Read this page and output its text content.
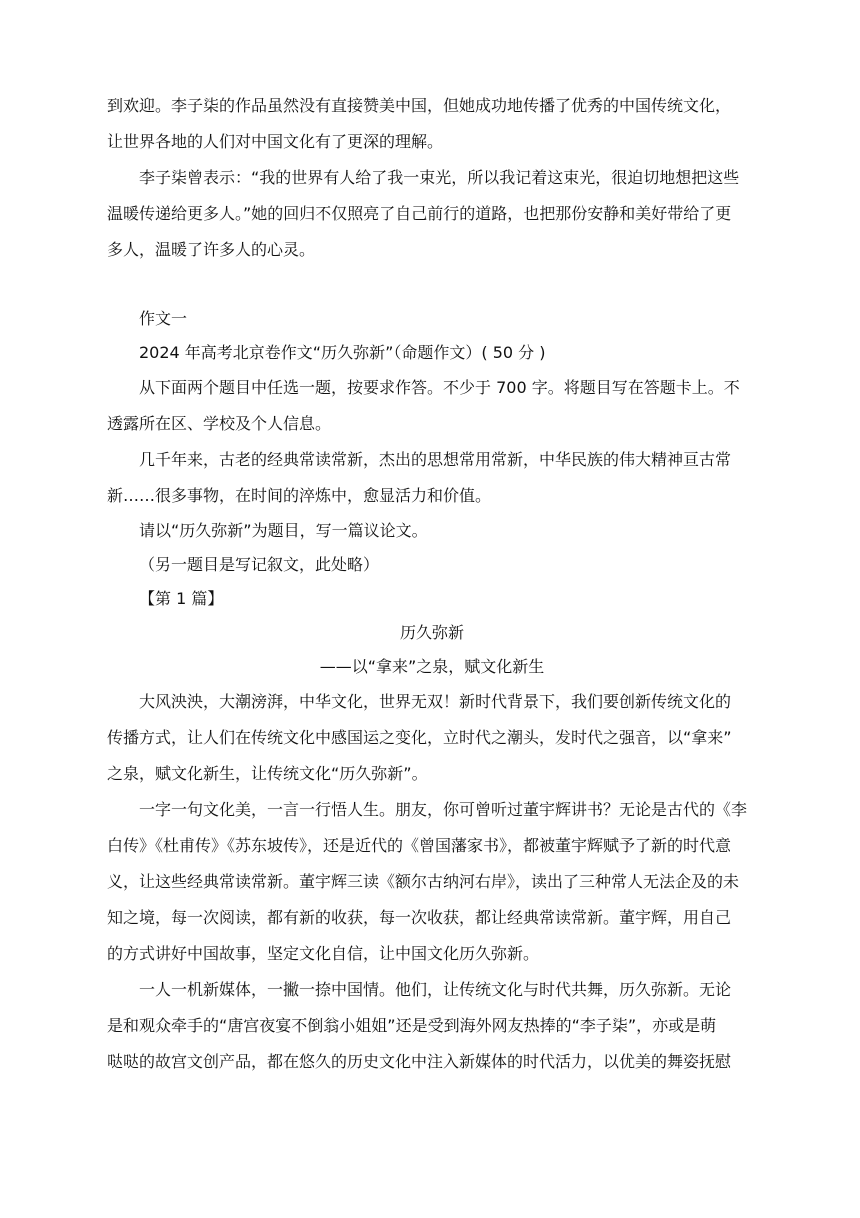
到欢迎。李子柒的作品虽然没有直接赞美中国，但她成功地传播了优秀的中国传统文化，

让世界各地的人们对中国文化有了更深的理解。

李子柒曾表示：“我的世界有人给了我一束光，所以我记着这束光，很迫切地想把这些

温暖传递给更多人。”她的回归不仅照亮了自己前行的道路，也把那份安静和美好带给了更

多人，温暖了许多人的心灵。

作文一

2024 年高考北京卷作文“历久弥新”（命题作文）( 50 分 )

从下面两个题目中任选一题，按要求作答。不少于 700 字。将题目写在答题卡上。不

透露所在区、学校及个人信息。

几千年来，古老的经典常读常新，杰出的思想常用常新，中华民族的伟大精神亘古常

新……很多事物，在时间的淬炼中，愈显活力和价值。

请以“历久弥新”为题目，写一篇议论文。

（另一题目是写记叙文，此处略）

【第 1 篇】

历久弥新

——以“拿来”之泉，赋文化新生

大风泱泱，大潮滂湃，中华文化，世界无双！新时代背景下，我们要创新传统文化的

传播方式，让人们在传统文化中感国运之变化，立时代之潮头，发时代之强音，以“拿来”

之泉，赋文化新生，让传统文化“历久弥新”。

一字一句文化美，一言一行悟人生。朋友，你可曾听过董宇辉讲书？无论是古代的《李

白传》《杜甫传》《苏东坡传》，还是近代的《曾国藩家书》，都被董宇辉赋予了新的时代意

义，让这些经典常读常新。董宇辉三读《额尔古纳河右岸》，读出了三种常人无法企及的未

知之境，每一次阅读，都有新的收获，每一次收获，都让经典常读常新。董宇辉，用自己

的方式讲好中国故事，坚定文化自信，让中国文化历久弥新。

一人一机新媒体，一撇一捺中国情。他们，让传统文化与时代共舞，历久弥新。无论

是和观众牵手的“唐宫夜宴不倒翁小姐姐”还是受到海外网友热捧的“李子柒”，亦或是萌

哒哒的故宫文创产品，都在悠久的历史文化中注入新媒体的时代活力，以优美的舞姿抚慰
